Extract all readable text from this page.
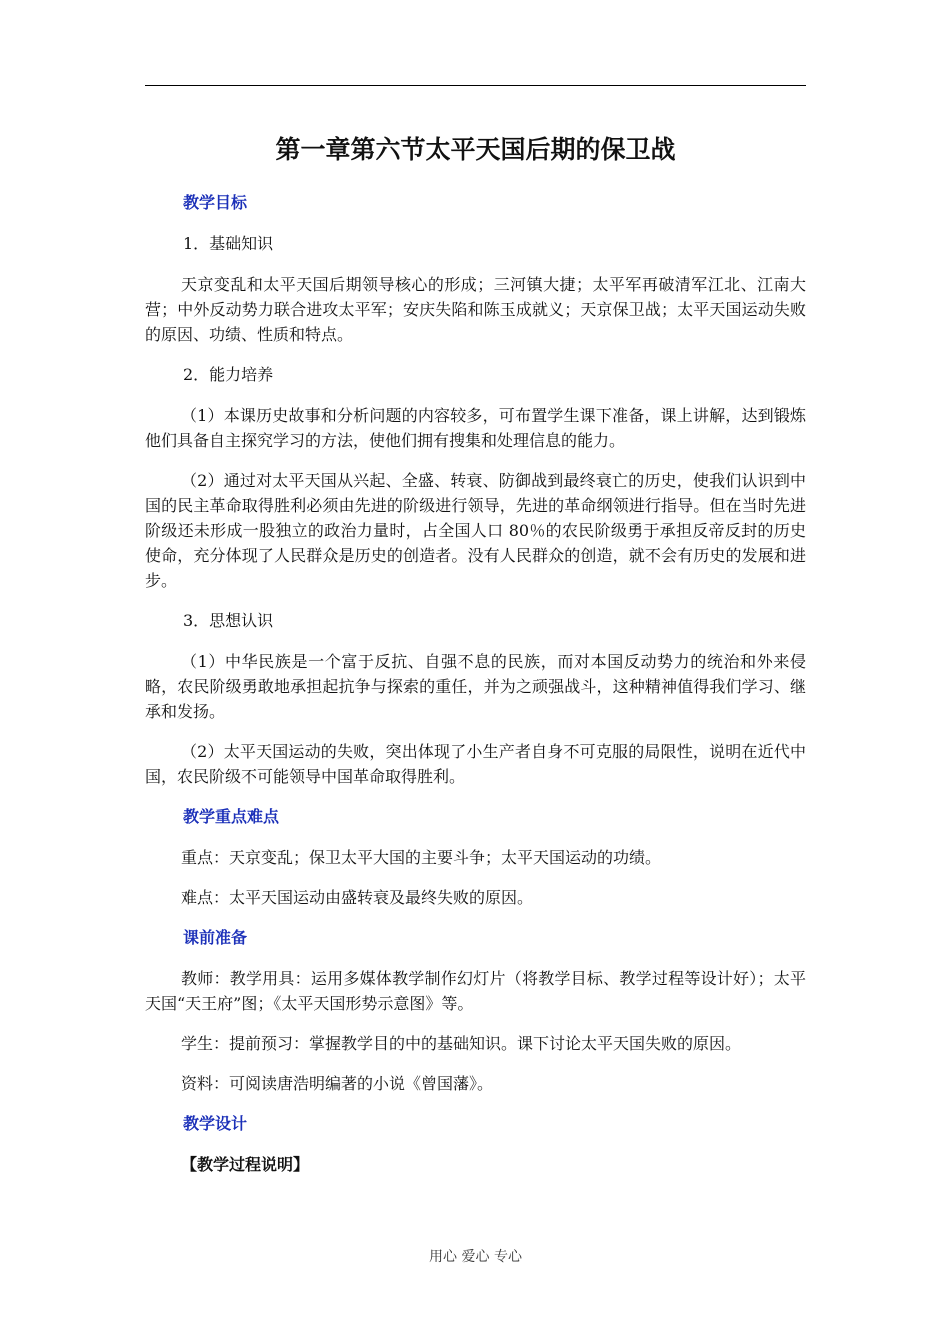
第一章第六节太平天国后期的保卫战
教学目标
1．基础知识

天京变乱和太平天国后期领导核心的形成；三河镇大捷；太平军再破清军江北、江南大营；中外反动势力联合进攻太平军；安庆失陷和陈玉成就义；天京保卫战；太平天国运动失败的原因、功绩、性质和特点。

2．能力培养

（1）本课历史故事和分析问题的内容较多，可布置学生课下准备，课上讲解，达到锻炼他们具备自主探究学习的方法，使他们拥有搜集和处理信息的能力。

（2）通过对太平天国从兴起、全盛、转衰、防御战到最终衰亡的历史，使我们认识到中国的民主革命取得胜利必须由先进的阶级进行领导，先进的革命纲领进行指导。但在当时先进阶级还未形成一股独立的政治力量时，占全国人口 80％的农民阶级勇于承担反帝反封的历史使命，充分体现了人民群众是历史的创造者。没有人民群众的创造，就不会有历史的发展和进步。

3．思想认识

（1）中华民族是一个富于反抗、自强不息的民族，而对本国反动势力的统治和外来侵略，农民阶级勇敢地承担起抗争与探索的重任，并为之顽强战斗，这种精神值得我们学习、继承和发扬。

（2）太平天国运动的失败，突出体现了小生产者自身不可克服的局限性，说明在近代中国，农民阶级不可能领导中国革命取得胜利。

教学重点难点

重点：天京变乱；保卫太平大国的主要斗争；太平天国运动的功绩。

难点：太平天国运动由盛转衰及最终失败的原因。

课前准备

教师：教学用具：运用多媒体教学制作幻灯片（将教学目标、教学过程等设计好）；太平天国“天王府”图；《太平天国形势示意图》等。

学生：提前预习：掌握教学目的中的基础知识。课下讨论太平天国失败的原因。

资料：可阅读唐浩明编著的小说《曾国藩》。

教学设计
【教学过程说明】
用心 爱心 专心
